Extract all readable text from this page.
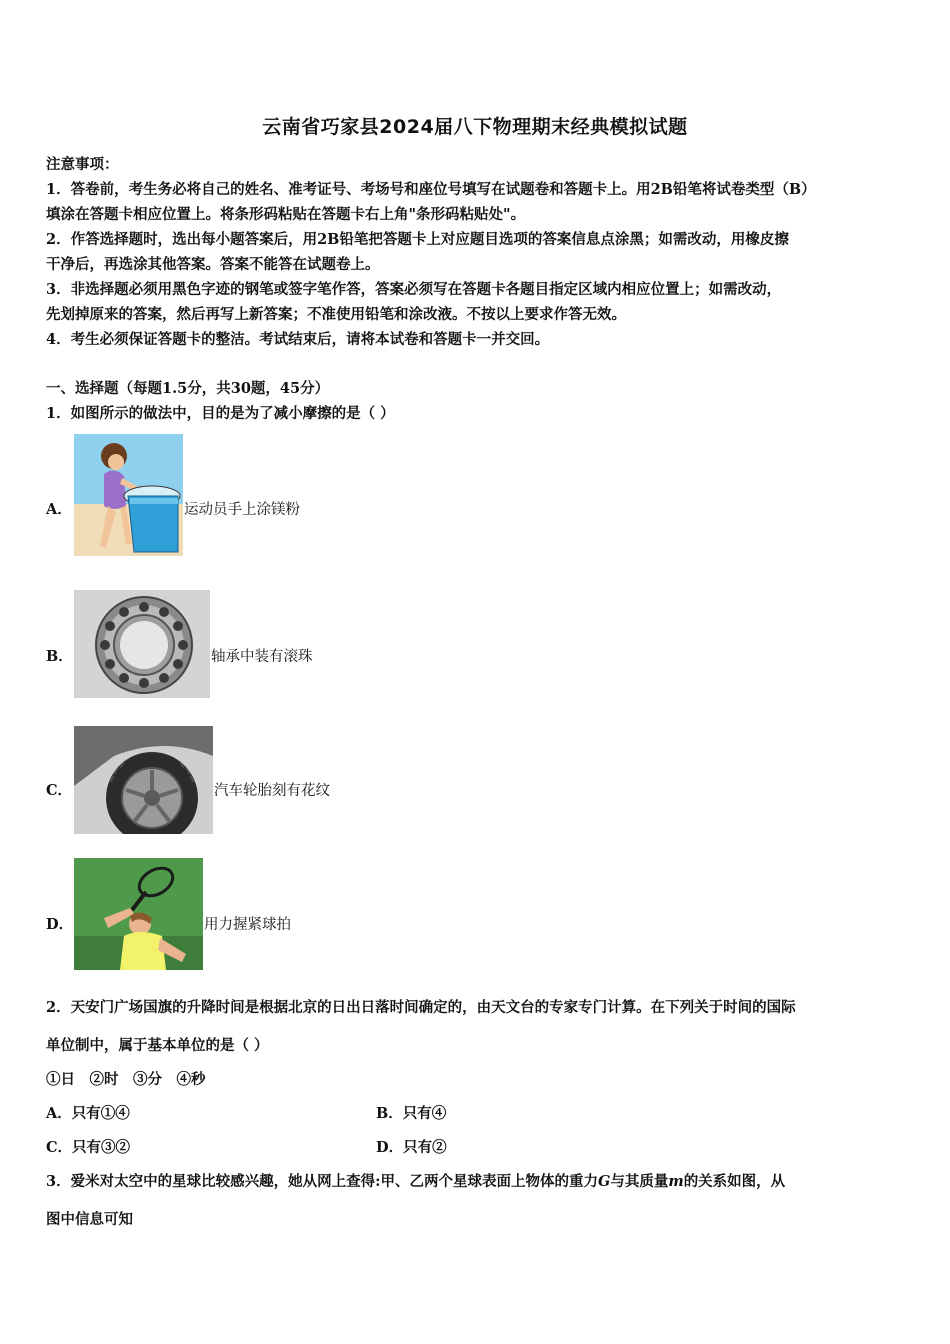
云南省巧家县2024届八下物理期末经典模拟试题
注意事项：
1．答卷前，考生务必将自己的姓名、准考证号、考场号和座位号填写在试题卷和答题卡上。用2B铅笔将试卷类型（B）
填涂在答题卡相应位置上。将条形码粘贴在答题卡右上角"条形码粘贴处"。
2．作答选择题时，选出每小题答案后，用2B铅笔把答题卡上对应题目选项的答案信息点涂黑；如需改动，用橡皮擦
干净后，再选涂其他答案。答案不能答在试题卷上。
3．非选择题必须用黑色字迹的钢笔或签字笔作答，答案必须写在答题卡各题目指定区域内相应位置上；如需改动，
先划掉原来的答案，然后再写上新答案；不准使用铅笔和涂改液。不按以上要求作答无效。
4．考生必须保证答题卡的整洁。考试结束后，请将本试卷和答题卡一并交回。
一、选择题（每题1.5分，共30题，45分）
1．如图所示的做法中，目的是为了减小摩擦的是（ ）
A．	运动员手上涂镁粉
B．	轴承中装有滚珠
C．	汽车轮胎刻有花纹
D．	用力握紧球拍
2．天安门广场国旗的升降时间是根据北京的日出日落时间确定的，由天文台的专家专门计算。在下列关于时间的国际
单位制中，属于基本单位的是（ ）
①日　②时　③分　④秒
A．只有①④	B．只有④
C．只有③②	D．只有②
3．爱米对太空中的星球比较感兴趣，她从网上查得:甲、乙两个星球表面上物体的重力G与其质量m的关系如图，从
图中信息可知
